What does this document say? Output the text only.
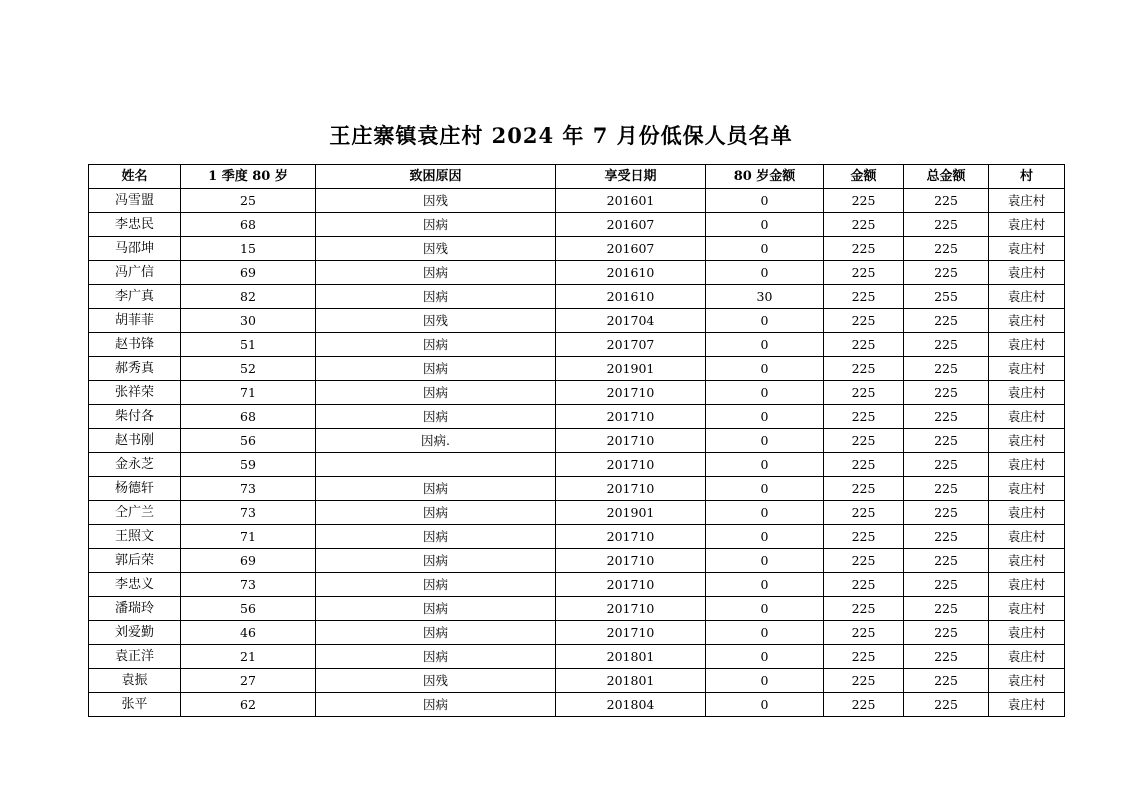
王庄寨镇袁庄村 2024 年 7 月份低保人员名单
姓名	1 季度 80 岁	致困原因	享受日期	80 岁金额	金额	总金额	村
冯雪盟	25	因残	201601	0	225	225	袁庄村
李忠民	68	因病	201607	0	225	225	袁庄村
马邵坤	15	因残	201607	0	225	225	袁庄村
冯广信	69	因病	201610	0	225	225	袁庄村
李广真	82	因病	201610	30	225	255	袁庄村
胡菲菲	30	因残	201704	0	225	225	袁庄村
赵书锋	51	因病	201707	0	225	225	袁庄村
郝秀真	52	因病	201901	0	225	225	袁庄村
张祥荣	71	因病	201710	0	225	225	袁庄村
柴付各	68	因病	201710	0	225	225	袁庄村
赵书刚	56	因病.	201710	0	225	225	袁庄村
金永芝	59		201710	0	225	225	袁庄村
杨德轩	73	因病	201710	0	225	225	袁庄村
仝广兰	73	因病	201901	0	225	225	袁庄村
王照文	71	因病	201710	0	225	225	袁庄村
郭后荣	69	因病	201710	0	225	225	袁庄村
李忠义	73	因病	201710	0	225	225	袁庄村
潘瑞玲	56	因病	201710	0	225	225	袁庄村
刘爱勤	46	因病	201710	0	225	225	袁庄村
袁正洋	21	因病	201801	0	225	225	袁庄村
袁振	27	因残	201801	0	225	225	袁庄村
张平	62	因病	201804	0	225	225	袁庄村
